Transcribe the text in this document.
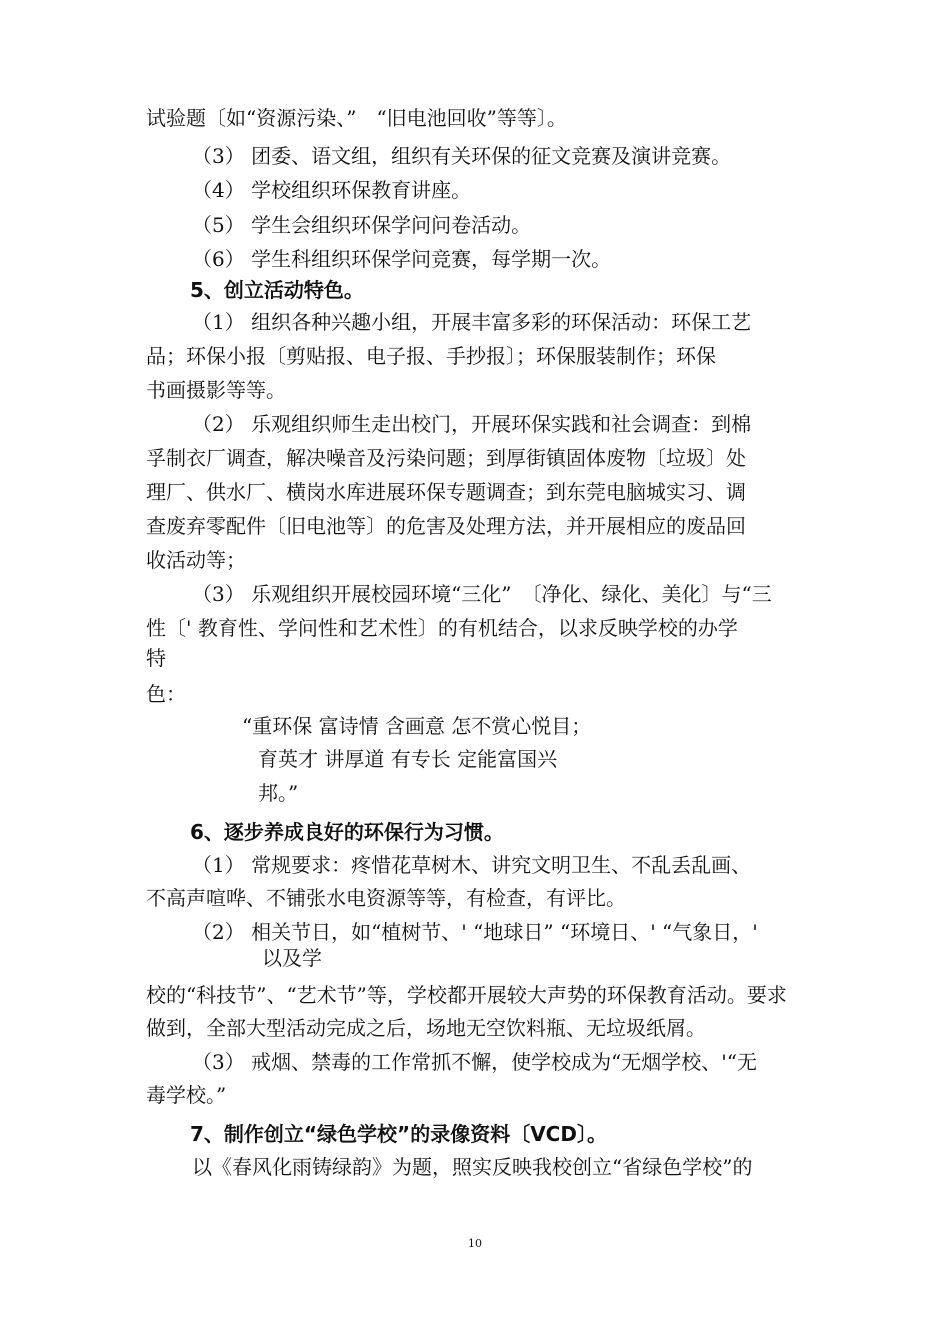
试验题〔如“资源污染、”　“旧电池回收”等等〕。

（3） 团委、语文组，组织有关环保的征文竞赛及演讲竞赛。

（4） 学校组织环保教育讲座。

（5） 学生会组织环保学问问卷活动。

（6） 学生科组织环保学问竞赛，每学期一次。

5、创立活动特色。

（1） 组织各种兴趣小组，开展丰富多彩的环保活动：环保工艺

品；环保小报〔剪贴报、电子报、手抄报〕；环保服装制作；环保

书画摄影等等。

（2） 乐观组织师生走出校门，开展环保实践和社会调查：到棉

孚制衣厂调查，解决噪音及污染问题；到厚街镇固体废物〔垃圾〕处

理厂、供水厂、横岗水库进展环保专题调查；到东莞电脑城实习、调

查废弃零配件〔旧电池等〕的危害及处理方法，并开展相应的废品回

收活动等；

（3） 乐观组织开展校园环境“三化”　〔净化、绿化、美化〕与“三

性〔' 教育性、学问性和艺术性〕的有机结合，以求反映学校的办学

特

色：

“重环保 富诗情 含画意 怎不赏心悦目；

育英才 讲厚道 有专长 定能富国兴

邦。”

6、逐步养成良好的环保行为习惯。

（1） 常规要求：疼惜花草树木、讲究文明卫生、不乱丢乱画、

不高声喧哗、不铺张水电资源等等，有检查，有评比。

（2） 相关节日，如“植树节、' “地球日” “环境日、' “气象日，'

以及学

校的“科技节”、“艺术节”等，学校都开展较大声势的环保教育活动。要求

做到，全部大型活动完成之后，场地无空饮料瓶、无垃圾纸屑。

（3） 戒烟、禁毒的工作常抓不懈，使学校成为“无烟学校、'“无

毒学校。”

7、制作创立“绿色学校”的录像资料〔VCD〕。

以《春风化雨铸绿韵》为题，照实反映我校创立“省绿色学校”的

10
